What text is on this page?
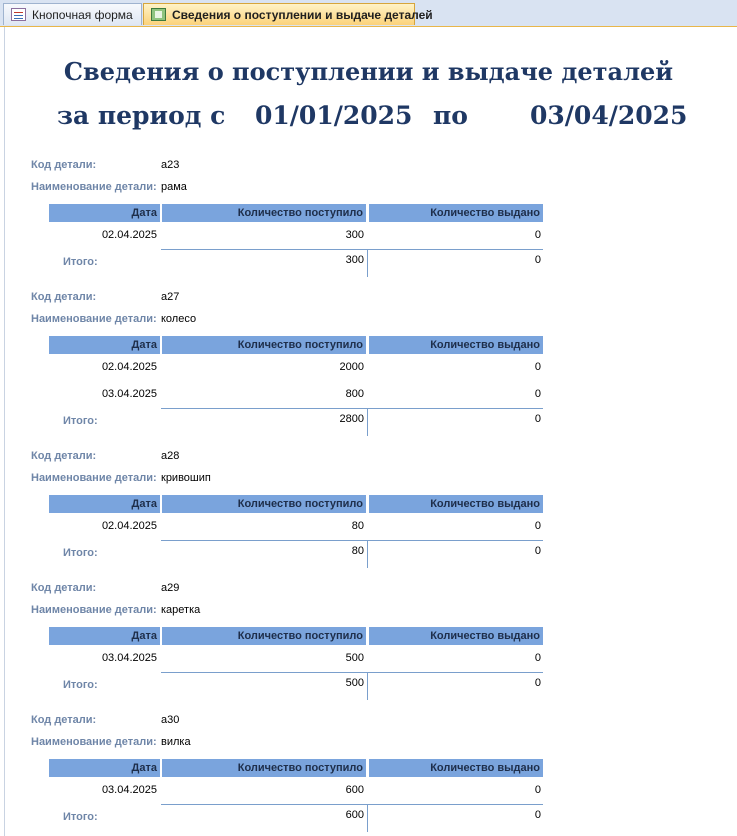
Кнопочная форма	Сведения о поступлении и выдаче деталей
Сведения о поступлении и выдаче деталей
за период с 01/01/2025 по 03/04/2025
Код детали:	а23
Наименование детали: рама
Дата	Количество поступило	Количество выдано
02.04.2025	300	0
Итого:	300	0
Код детали:	а27
Наименование детали: колесо
Дата	Количество поступило	Количество выдано
02.04.2025	2000	0
03.04.2025	800	0
Итого:	2800	0
Код детали:	а28
Наименование детали: кривошип
Дата	Количество поступило	Количество выдано
02.04.2025	80	0
Итого:	80	0
Код детали:	а29
Наименование детали: каретка
Дата	Количество поступило	Количество выдано
03.04.2025	500	0
Итого:	500	0
Код детали:	а30
Наименование детали: вилка
Дата	Количество поступило	Количество выдано
03.04.2025	600	0
Итого:	600	0
